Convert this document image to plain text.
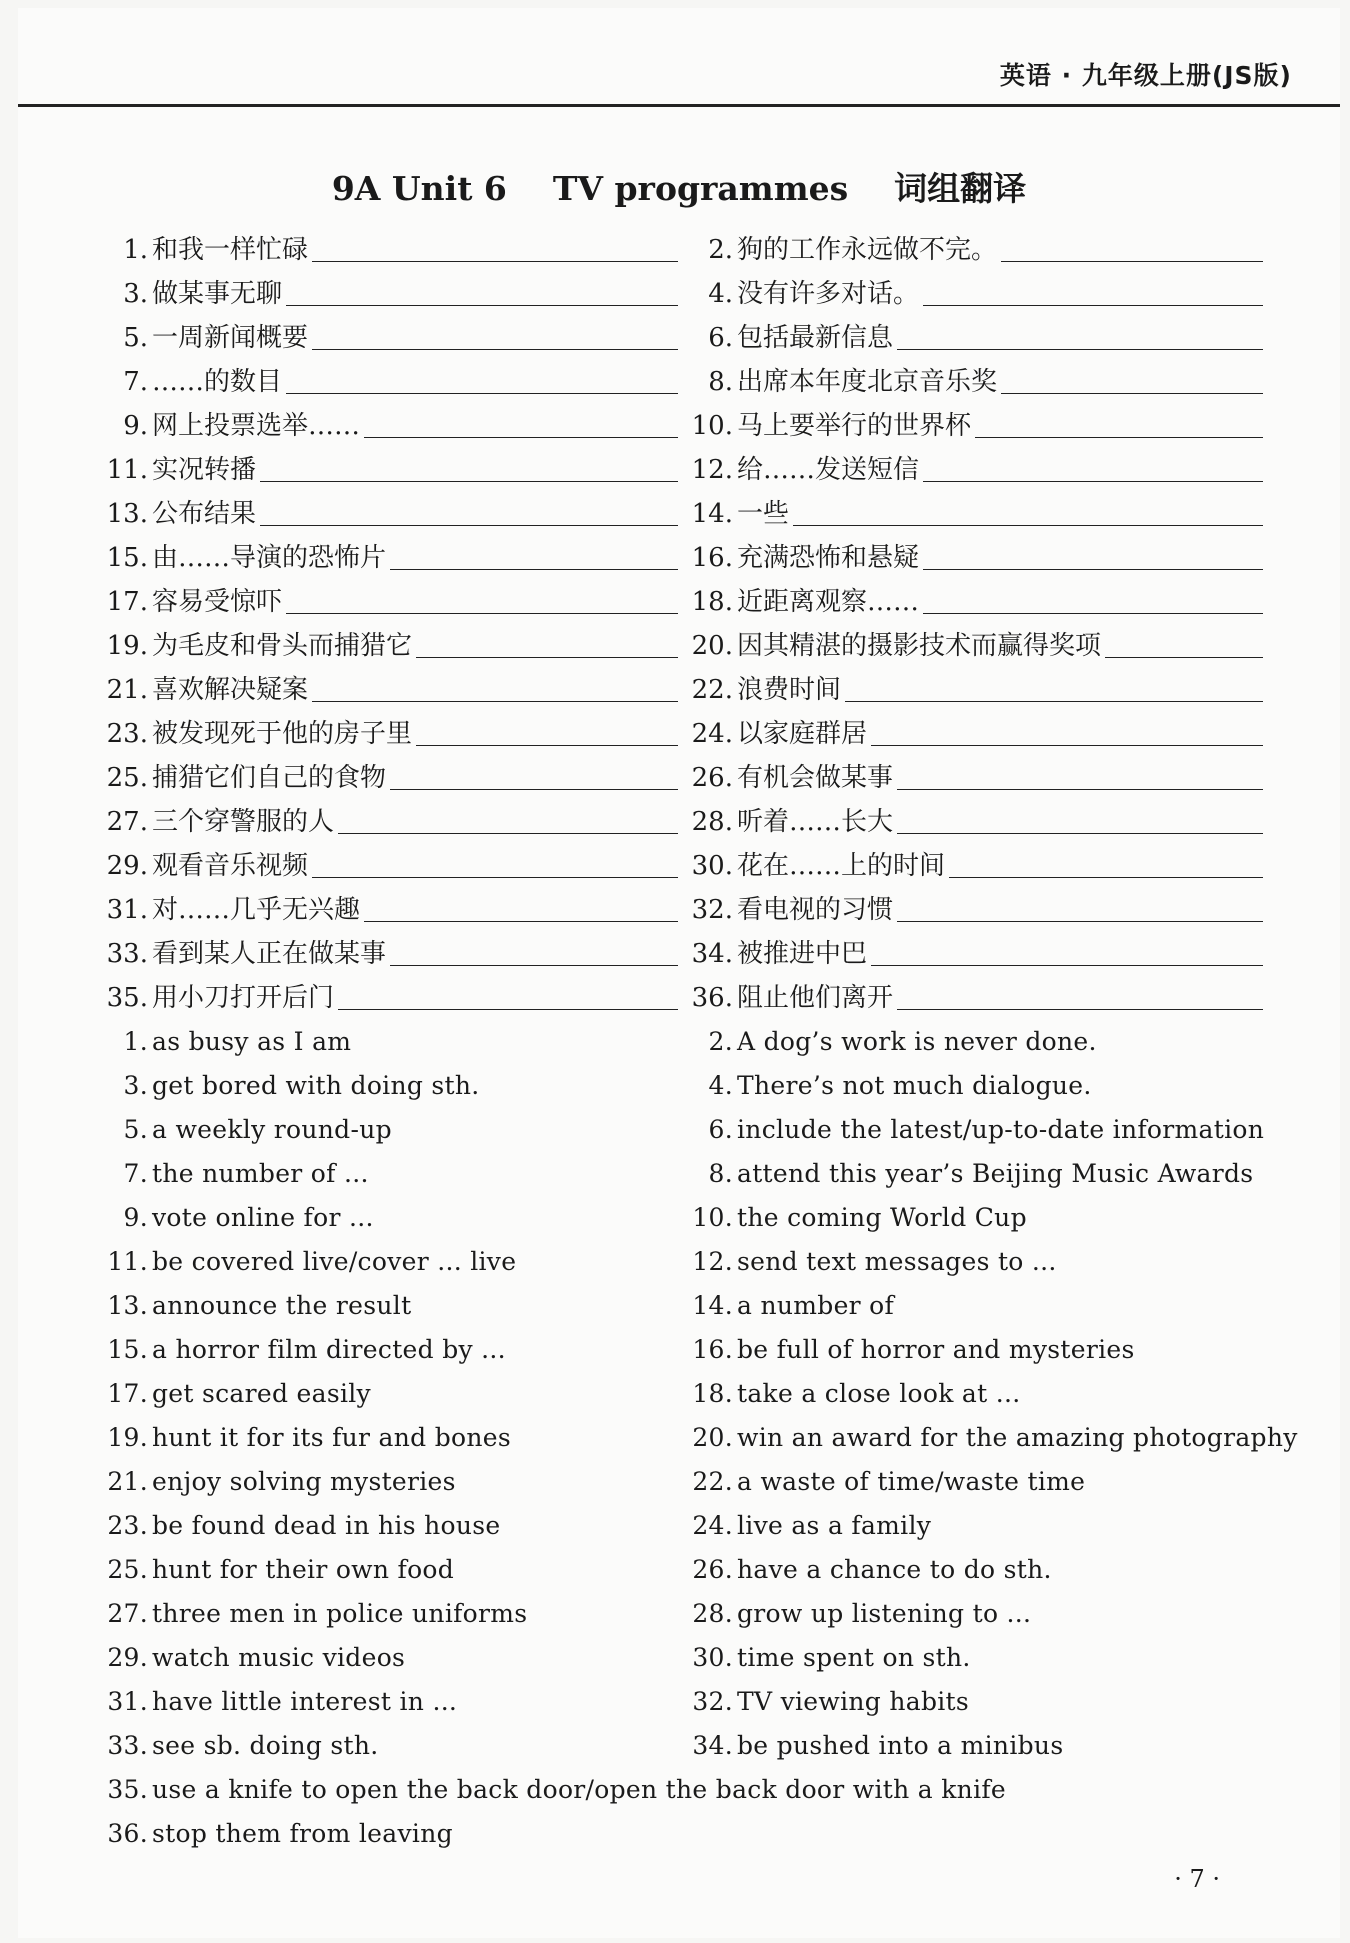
英语 · 九年级上册(JS版)
9A Unit 6    TV programmes    词组翻译
1. 和我一样忙碌
3. 做某事无聊
5. 一周新闻概要
7. ……的数目
9. 网上投票选举……
11. 实况转播
13. 公布结果
15. 由……导演的恐怖片
17. 容易受惊吓
19. 为毛皮和骨头而捕猎它
21. 喜欢解决疑案
23. 被发现死于他的房子里
25. 捕猎它们自己的食物
27. 三个穿警服的人
29. 观看音乐视频
31. 对……几乎无兴趣
33. 看到某人正在做某事
35. 用小刀打开后门
2. 狗的工作永远做不完。
4. 没有许多对话。
6. 包括最新信息
8. 出席本年度北京音乐奖
10. 马上要举行的世界杯
12. 给……发送短信
14. 一些
16. 充满恐怖和悬疑
18. 近距离观察……
20. 因其精湛的摄影技术而赢得奖项
22. 浪费时间
24. 以家庭群居
26. 有机会做某事
28. 听着……长大
30. 花在……上的时间
32. 看电视的习惯
34. 被推进中巴
36. 阻止他们离开
1. as busy as I am
3. get bored with doing sth.
5. a weekly round-up
7. the number of ...
9. vote online for ...
11. be covered live/cover ... live
13. announce the result
15. a horror film directed by ...
17. get scared easily
19. hunt it for its fur and bones
21. enjoy solving mysteries
23. be found dead in his house
25. hunt for their own food
27. three men in police uniforms
29. watch music videos
31. have little interest in ...
33. see sb. doing sth.
2. A dog’s work is never done.
4. There’s not much dialogue.
6. include the latest/up-to-date information
8. attend this year’s Beijing Music Awards
10. the coming World Cup
12. send text messages to ...
14. a number of
16. be full of horror and mysteries
18. take a close look at ...
20. win an award for the amazing photography
22. a waste of time/waste time
24. live as a family
26. have a chance to do sth.
28. grow up listening to ...
30. time spent on sth.
32. TV viewing habits
34. be pushed into a minibus
35. use a knife to open the back door/open the back door with a knife
36. stop them from leaving
· 7 ·
